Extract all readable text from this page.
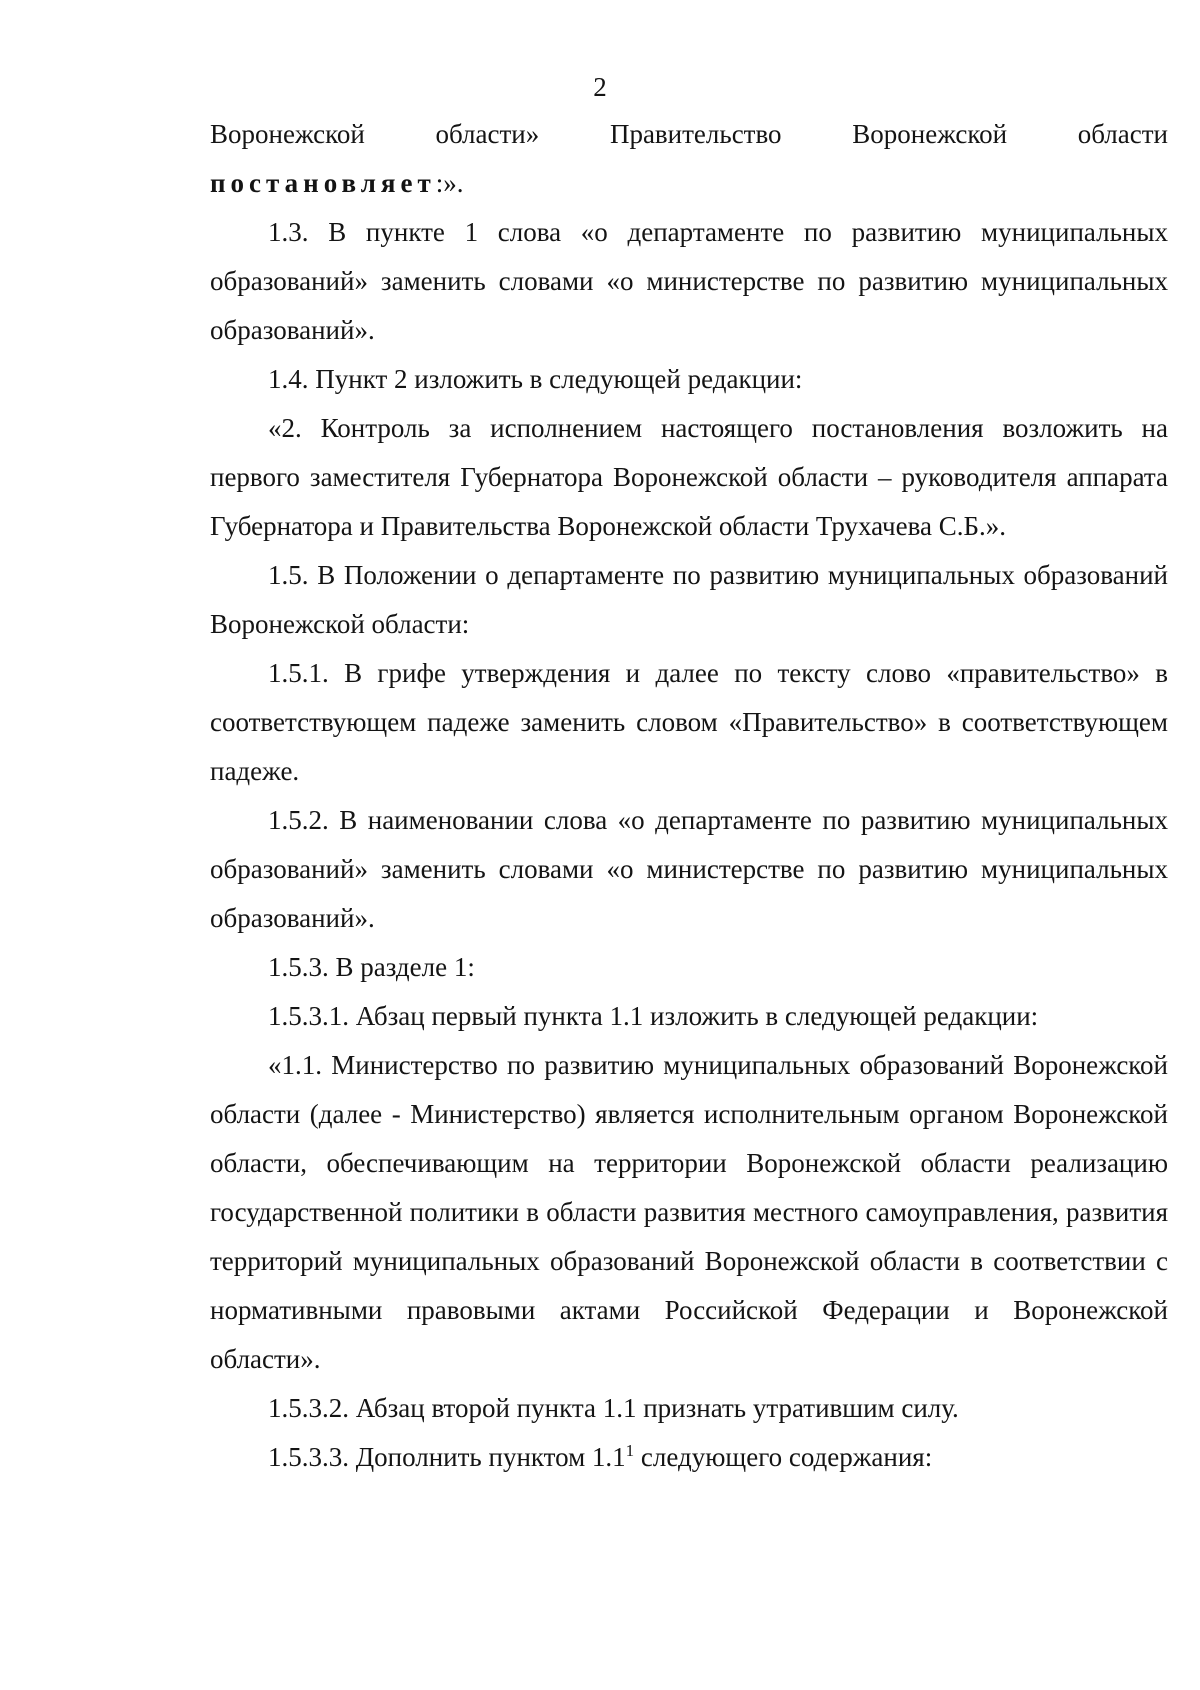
2

Воронежской области» Правительство Воронежской области постановляет:».

1.3. В пункте 1 слова «о департаменте по развитию муниципальных образований» заменить словами «о министерстве по развитию муниципальных образований».

1.4. Пункт 2 изложить в следующей редакции:

«2. Контроль за исполнением настоящего постановления возложить на первого заместителя Губернатора Воронежской области – руководителя аппарата Губернатора и Правительства Воронежской области Трухачева С.Б.».

1.5. В Положении о департаменте по развитию муниципальных образований Воронежской области:

1.5.1. В грифе утверждения и далее по тексту слово «правительство» в соответствующем падеже заменить словом «Правительство» в соответствующем падеже.

1.5.2. В наименовании слова «о департаменте по развитию муниципальных образований» заменить словами «о министерстве по развитию муниципальных образований».

1.5.3. В разделе 1:

1.5.3.1. Абзац первый пункта 1.1 изложить в следующей редакции:

«1.1. Министерство по развитию муниципальных образований Воронежской области (далее - Министерство) является исполнительным органом Воронежской области, обеспечивающим на территории Воронежской области реализацию государственной политики в области развития местного самоуправления, развития территорий муниципальных образований Воронежской области в соответствии с нормативными правовыми актами Российской Федерации и Воронежской области».

1.5.3.2. Абзац второй пункта 1.1 признать утратившим силу.

1.5.3.3. Дополнить пунктом $1.1^1$ следующего содержания:
